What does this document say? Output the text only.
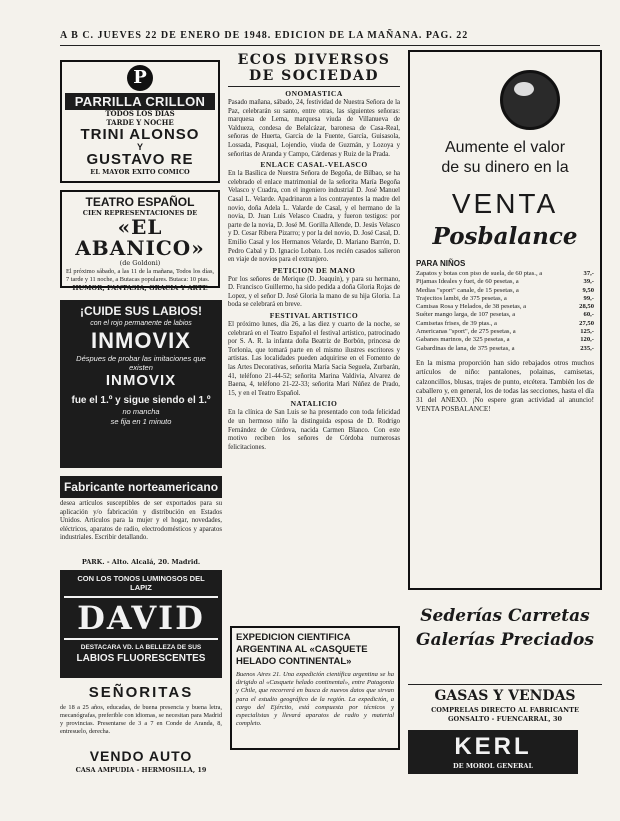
A B C. JUEVES 22 DE ENERO DE 1948. EDICION DE LA MAÑANA. PAG. 22
P
PARRILLA CRILLON
TODOS LOS DIAS TARDE Y NOCHE
TRINI ALONSO
Y
GUSTAVO RE
EL MAYOR EXITO COMICO
TEATRO ESPAÑOL
CIEN REPRESENTACIONES DE
«EL ABANICO»
(de Goldoni)
El próximo sábado, a las 11 de la mañana, Todos los días, 7 tarde y 11 noche, a Butacas populares. Butaca: 10 ptas.
HUMOR, FANTASIA, GRACIA Y ARTE
¡CUIDE SUS LABIOS!
con el rojo permanente de labios
INMOVIX
Déspues de probar las imitaciones que existen
INMOVIX
fue el 1.º y sigue siendo el 1.º
no mancha
se fija en 1 minuto
Fabricante norteamericano
desea artículos susceptibles de ser exportados para su aplicación y/o fabricación y distribución en Estados Unidos. Artículos para la mujer y el hogar, novedades, eléctricos, aparatos de radio, electrodomésticos y aparatos industriales. Escribir detallando.
PARK. - Alto. Alcalá, 20. Madrid.
CON LOS TONOS LUMINOSOS DEL LAPIZ
DAVID
DESTACARA VD. LA BELLEZA DE SUS
LABIOS FLUORESCENTES
SEÑORITAS
de 18 a 25 años, educadas, de buena presencia y buena letra, mecanógrafas, preferible con idiomas, se necesitan para Madrid y provincias. Presentarse de 3 a 7 en Conde de Aranda, 8, entresuelo, derecha.
VENDO AUTO
CASA AMPUDIA - HERMOSILLA, 19
ECOS DIVERSOS DE SOCIEDAD
ONOMASTICA
Pasado mañana, sábado, 24, festividad de Nuestra Señora de la Paz, celebrarán su santo, entre otras, las siguientes señoras: marquesa de Lema, marquesa viuda de Villanueva de Valdueza, condesa de Belalcázar, baronesa de Casa-Real, señoras de Huerta, García de la Fuente, García, Guisasola, Lossada, Pasqual, Lojendio, viuda de Guzmán, y Lozoya y señoritas de Aranda y Campo, Cárdenas y Ruiz de la Prada.
ENLACE CASAL-VELASCO
En la Basílica de Nuestra Señora de Begoña, de Bilbao, se ha celebrado el enlace matrimonial de la señorita María Begoña Velasco y Cuadra, con el ingeniero industrial D. José Manuel Casal L. Velarde. Apadrinaron a los contrayentes la madre del novio, doña Adela L. Valarde de Casal, y el hermano de la novia, D. Juan Luis Velasco Cuadra, y fueron testigos: por parte de la novia, D. José M. Gorilla Allende, D. Jesús Velasco y D. Cesar Ribera Pizarro; y por la del novio, D. José Casal, D. Emilio Casal y los Hermanos Velarde, D. Mariano Barrón, D. Pedro Cabal y D. Ignacio Lobato. Los recién casados salieron en viaje de novios para el extranjero.
PETICION DE MANO
Por los señores de Merique (D. Joaquín), y para su hermano, D. Francisco Guillermo, ha sido pedida a doña Gloria Rojas de Lopez, y el señor D. José Gloria la mano de su hija Gloria. La boda se celebrará en breve.
FESTIVAL ARTISTICO
El próximo lunes, día 26, a las diez y cuarto de la noche, se celebrará en el Teatro Español el festival artístico, patrocinado por S. A. R. la infanta doña Beatriz de Borbón, princesa de Torlonia, que tomará parte en el mismo ilustres escritores y artistas. Las localidades pueden adquirirse en el Fomento de las Artes Decorativas, señorita María Sacia Seguela, Zurbarán, 41, teléfono 21-44-52; señorita Marina Valdivia, Alvarez de Baena, 4, teléfono 21-22-33; señorita Mari Núñez de Prado, 15, y en el Teatro Español.
NATALICIO
En la clínica de San Luis se ha presentado con toda felicidad de un hermoso niño la distinguida esposa de D. Rodrigo Fernández de Córdova, nacida Carmen Blanco. Con este motivo reciben los señores de Córdoba numerosas felicitaciones.
EXPEDICION CIENTIFICA ARGENTINA AL «CASQUETE HELADO CONTINENTAL»
Buenos Aires 21. Una expedición científica argentina se ha dirigido al «Casquete helado continental», entre Patagonia y Chile, que recorrerá en busca de nuevos datos que sirvan para el estudio geográfico de la región. La expedición, a cargo del Ejército, está compuesta por técnicos y especialistas y llevará aparatos de radio y material completo.
Aumente el valor
de su dinero en la
VENTA
Posbalance
PARA NIÑOS
Zapatos y botas con piso de suela, de 60 ptas., a	37,-
Pijamas Ideales y fuet, de 60 pesetas, a	39,-
Medias "sport" canale, de 15 pesetas, a	9,50
Trajecitos lambi, de 375 pesetas, a	99,-
Camisas Rosa y Helados, de 38 pesetas, a	28,50
Suéter mango larga, de 107 pesetas, a	60,-
Camisetas frises, de 39 ptas., a	27,50
Americanas "sport", de 275 pesetas, a	125,-
Gabanes marinos, de 325 pesetas, a	120,-
Gabardinas de lana, de 375 pesetas, a	235,-
En la misma proporción han sido rebajados otros muchos artículos de niño: pantalones, polainas, camisetas, calzoncillos, blusas, trajes de punto, etcétera. También los de caballero y, en general, los de todas las secciones, hasta el día 31 del ANEXO. ¡No espere gran actividad al anuncio! VENTA POSBALANCE!
Sederías Carretas
Galerías Preciados
GASAS Y VENDAS
COMPRELAS DIRECTO AL FABRICANTE
GONSALTO - FUENCARRAL, 30
KERL
DE MOROL GENERAL
